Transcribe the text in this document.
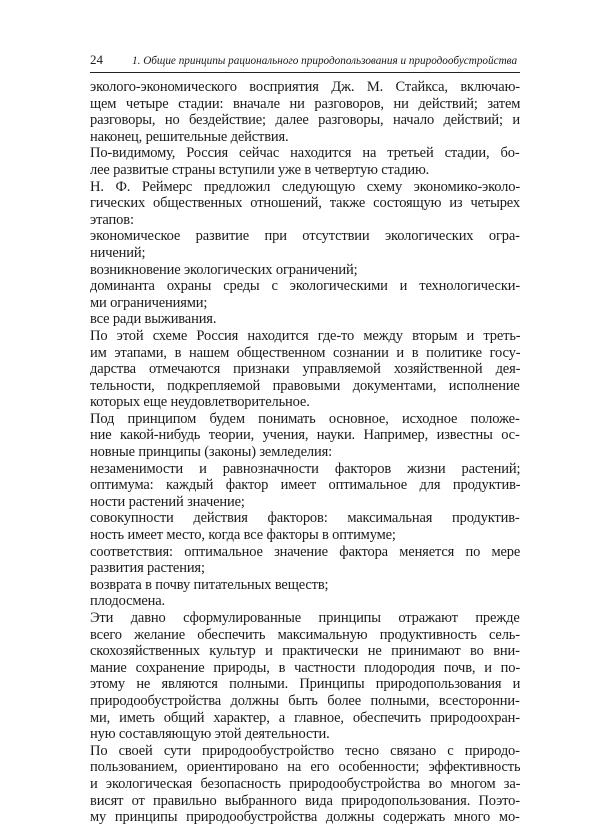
24	1. Общие принципы рационального природопользования и природообустройства
эколого-экономического восприятия Дж. М. Стайкса, включаю-
щем четыре стадии: вначале ни разговоров, ни действий; затем
разговоры, но бездействие; далее разговоры, начало действий; и
наконец, решительные действия.
По-видимому, Россия сейчас находится на третьей стадии, бо-
лее развитые страны вступили уже в четвертую стадию.
Н. Ф. Реймерс предложил следующую схему экономико-эколо-
гических общественных отношений, также состоящую из четырех
этапов:
экономическое развитие при отсутствии экологических огра-
ничений;
возникновение экологических ограничений;
доминанта охраны среды с экологическими и технологически-
ми ограничениями;
все ради выживания.
По этой схеме Россия находится где-то между вторым и треть-
им этапами, в нашем общественном сознании и в политике госу-
дарства отмечаются признаки управляемой хозяйственной дея-
тельности, подкрепляемой правовыми документами, исполнение
которых еще неудовлетворительное.
Под принципом будем понимать основное, исходное положе-
ние какой-нибудь теории, учения, науки. Например, известны ос-
новные принципы (законы) земледелия:
незаменимости и равнозначности факторов жизни растений;
оптимума: каждый фактор имеет оптимальное для продуктив-
ности растений значение;
совокупности действия факторов: максимальная продуктив-
ность имеет место, когда все факторы в оптимуме;
соответствия: оптимальное значение фактора меняется по мере
развития растения;
возврата в почву питательных веществ;
плодосмена.
Эти давно сформулированные принципы отражают прежде
всего желание обеспечить максимальную продуктивность сель-
скохозяйственных культур и практически не принимают во вни-
мание сохранение природы, в частности плодородия почв, и по-
этому не являются полными. Принципы природопользования и
природообустройства должны быть более полными, всесторонни-
ми, иметь общий характер, а главное, обеспечить природоохран-
ную составляющую этой деятельности.
По своей сути природообустройство тесно связано с природо-
пользованием, ориентировано на его особенности; эффективность
и экологическая безопасность природообустройства во многом за-
висят от правильно выбранного вида природопользования. Поэто-
му принципы природообустройства должны содержать много мо-
